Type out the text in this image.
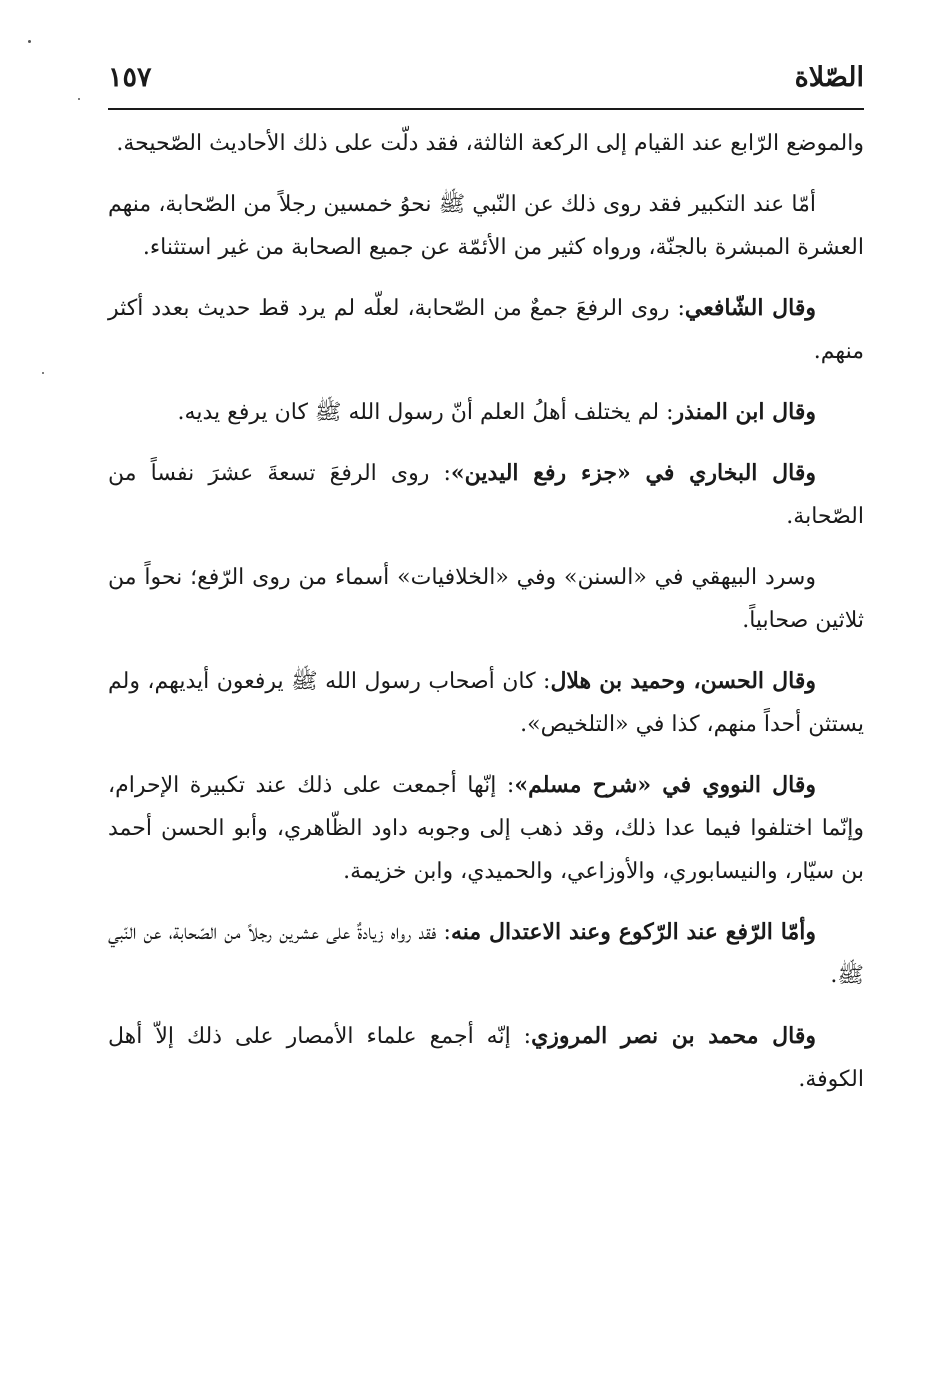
الصّلاة
١٥٧

والموضع الرّابع عند القيام إلى الركعة الثالثة، فقد دلّت على ذلك الأحاديث الصّحيحة.

أمّا عند التكبير فقد روى ذلك عن النّبي ﷺ نحوُ خمسين رجلاً من الصّحابة، منهم العشرة المبشرة بالجنّة، ورواه كثير من الأئمّة عن جميع الصحابة من غير استثناء.

وقال الشّافعي: روى الرفعَ جمعٌ من الصّحابة، لعلّه لم يرد قط حديث بعدد أكثر منهم.

وقال ابن المنذر: لم يختلف أهلُ العلم أنّ رسول الله ﷺ كان يرفع يديه.

وقال البخاري في «جزء رفع اليدين»: روى الرفعَ تسعةَ عشرَ نفساً من الصّحابة.

وسرد البيهقي في «السنن» وفي «الخلافيات» أسماء من روى الرّفع؛ نحواً من ثلاثين صحابياً.

وقال الحسن، وحميد بن هلال: كان أصحاب رسول الله ﷺ يرفعون أيديهم، ولم يستثن أحداً منهم، كذا في «التلخيص».

وقال النووي في «شرح مسلم»: إنّها أجمعت على ذلك عند تكبيرة الإحرام، وإنّما اختلفوا فيما عدا ذلك، وقد ذهب إلى وجوبه داود الظّاهري، وأبو الحسن أحمد بن سيّار، والنيسابوري، والأوزاعي، والحميدي، وابن خزيمة.

وأمّا الرّفع عند الرّكوع وعند الاعتدال منه: فقد رواه زيادةٌ على عشرين رجلاً من الصّحابة، عن النّبي ﷺ.

وقال محمد بن نصر المروزي: إنّه أجمع علماء الأمصار على ذلك إلاّ أهل الكوفة.
